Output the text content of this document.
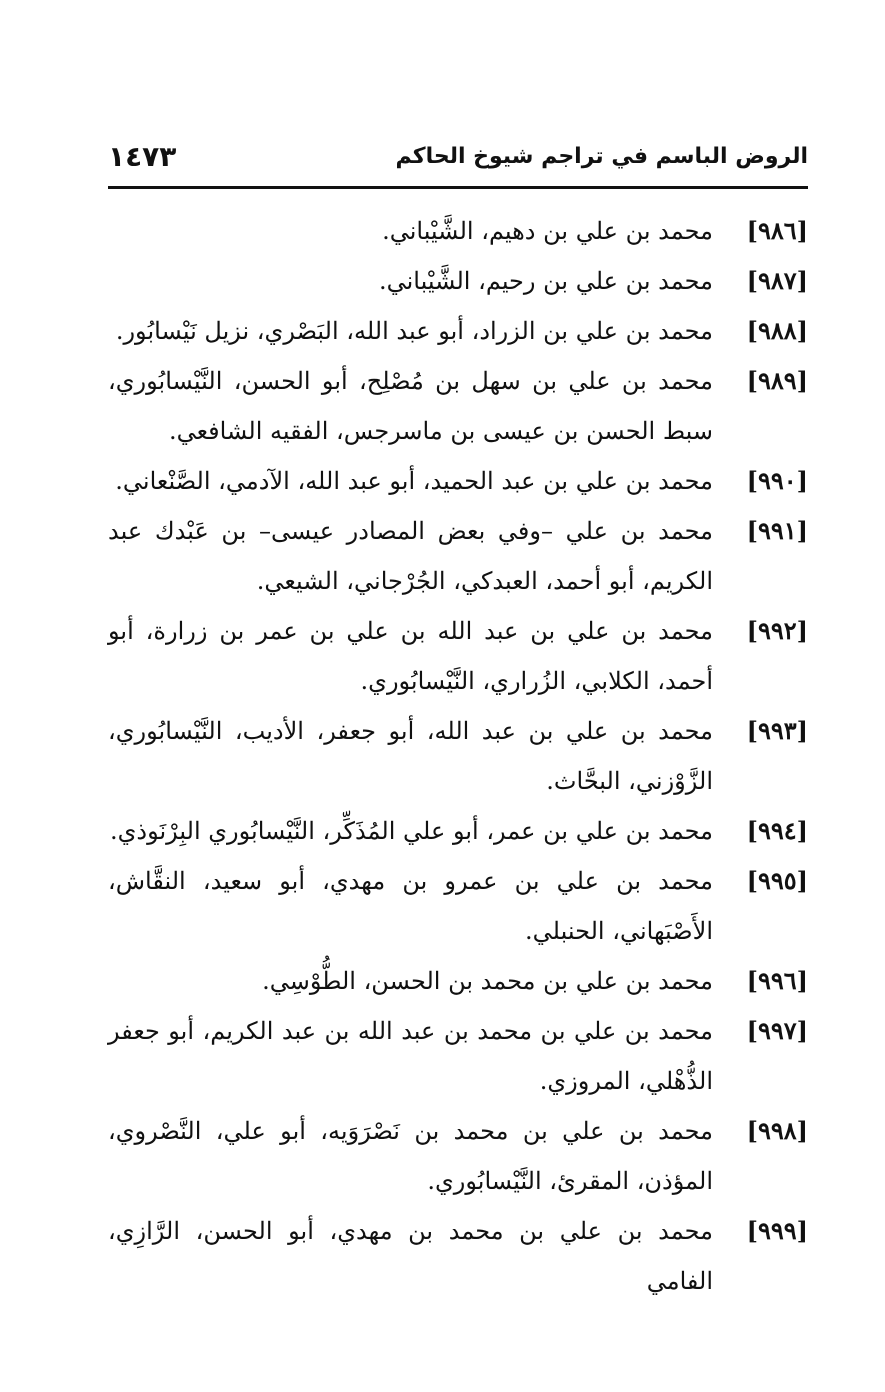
الروض الباسم في تراجم شيوخ الحاكم
١٤٧٣

[٩٨٦]
محمد بن علي بن دهيم، الشَّيْباني.

[٩٨٧]
محمد بن علي بن رحيم، الشَّيْباني.

[٩٨٨]
محمد بن علي بن الزراد، أبو عبد الله، البَصْري، نزيل نَيْسابُور.

[٩٨٩]
محمد بن علي بن سهل بن مُصْلِح، أبو الحسن، النَّيْسابُوري، سبط الحسن بن عيسى بن ماسرجس، الفقيه الشافعي.

[٩٩٠]
محمد بن علي بن عبد الحميد، أبو عبد الله، الآدمي، الصَّنْعاني.

[٩٩١]
محمد بن علي –وفي بعض المصادر عيسى– بن عَبْدك عبد الكريم، أبو أحمد، العبدكي، الجُرْجاني، الشيعي.

[٩٩٢]
محمد بن علي بن عبد الله بن علي بن عمر بن زرارة، أبو أحمد، الكلابي، الزُراري، النَّيْسابُوري.

[٩٩٣]
محمد بن علي بن عبد الله، أبو جعفر، الأديب، النَّيْسابُوري، الزَّوْزني، البحَّاث.

[٩٩٤]
محمد بن علي بن عمر، أبو علي المُذَكِّر، النَّيْسابُوري البِرْنَوذي.

[٩٩٥]
محمد بن علي بن عمرو بن مهدي، أبو سعيد، النقَّاش، الأَصْبَهاني، الحنبلي.

[٩٩٦]
محمد بن علي بن محمد بن الحسن، الطُّوْسِي.

[٩٩٧]
محمد بن علي بن محمد بن عبد الله بن عبد الكريم، أبو جعفر الذُّهْلي، المروزي.

[٩٩٨]
محمد بن علي بن محمد بن نَصْرَوَيه، أبو علي، النَّصْروي، المؤذن، المقرئ، النَّيْسابُوري.

[٩٩٩]
محمد بن علي بن محمد بن مهدي، أبو الحسن، الرَّازِي، الفامي
